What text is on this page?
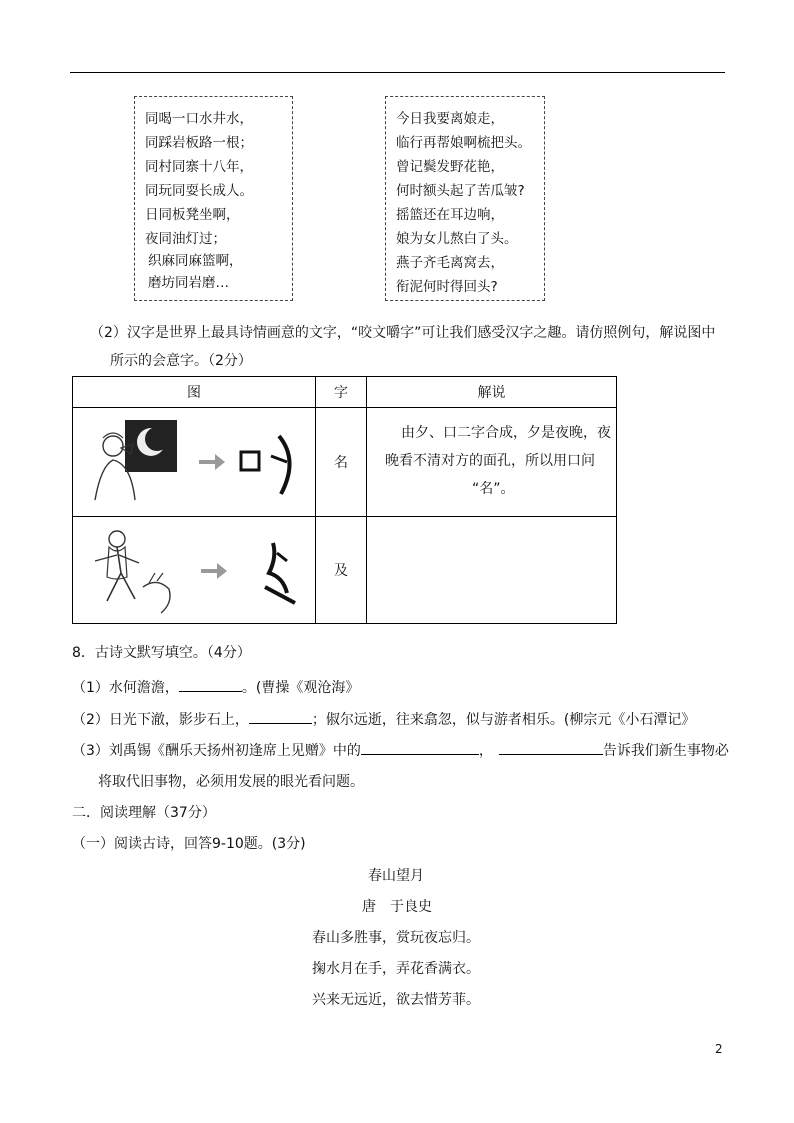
同喝一口水井水，
同踩岩板路一根；
同村同寨十八年，
同玩同耍长成人。
日同板凳坐啊，
夜同油灯过；
织麻同麻篮啊，
磨坊同岩磨…
今日我要离娘走，
临行再帮娘啊梳把头。
曾记鬓发野花艳，
何时额头起了苦瓜皱?
摇篮还在耳边响，
娘为女儿熬白了头。
燕子齐毛离窝去，
衔泥何时得回头?
（2）汉字是世界上最具诗情画意的文字，“咬文嚼字”可让我们感受汉字之趣。请仿照例句，解说图中
所示的会意字。（2分）
图	字	解说
	名	由夕、口二字合成，夕是夜晚，夜
晚看不清对方的面孔，所以用口问
“名”。

	及	
8．古诗文默写填空。（4分）
（1）水何澹澹，	。(曹操《观沧海》
（2）日光下澈，影步石上，	；俶尔远逝，往来翕忽，似与游者相乐。(柳宗元《小石潭记》
（3）刘禹锡《酬乐天扬州初逢席上见赠》中的	，	告诉我们新生事物必
将取代旧事物，必须用发展的眼光看问题。
二．阅读理解（37分）
（一）阅读古诗，回答9-10题。(3分)
春山望月
唐　于良史
春山多胜事，赏玩夜忘归。
掬水月在手，弄花香满衣。
兴来无远近，欲去惜芳菲。
2
